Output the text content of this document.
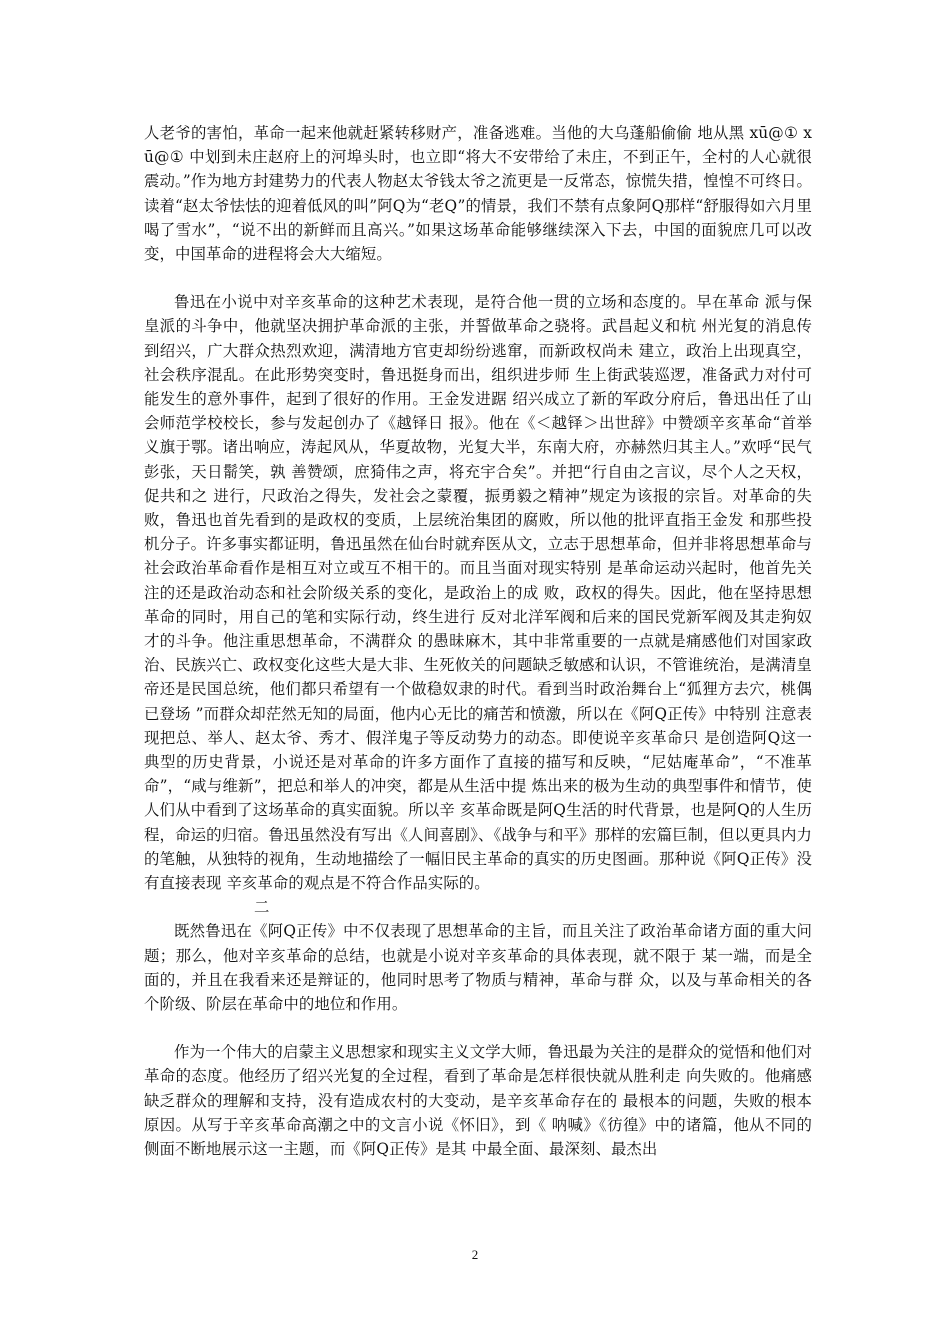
人老爷的害怕，革命一起来他就赶紧转移财产，准备逃难。当他的大乌蓬船偷偷 地从黑 xū@① x ū@① 中划到未庄赵府上的河埠头时，也立即“将大不安带给了未庄，不到正午，全村的人心就很震动。”作为地方封建势力的代表人物赵太爷钱太爷之流更是一反常态，惊慌失措，惶惶不可终日。读着“赵太爷怯怯的迎着低风的叫”阿Q为“老Q”的情景，我们不禁有点象阿Q那样“舒服得如六月里喝了雪水”，“说不出的新鲜而且高兴。”如果这场革命能够继续深入下去，中国的面貌庶几可以改变，中国革命的进程将会大大缩短。

鲁迅在小说中对辛亥革命的这种艺术表现，是符合他一贯的立场和态度的。早在革命 派与保皇派的斗争中，他就坚决拥护革命派的主张，并誓做革命之骁将。武昌起义和杭 州光复的消息传到绍兴，广大群众热烈欢迎，满清地方官吏却纷纷逃窜，而新政权尚未 建立，政治上出现真空，社会秩序混乱。在此形势突变时，鲁迅挺身而出，组织进步师 生上街武装巡逻，准备武力对付可能发生的意外事件，起到了很好的作用。王金发进踞 绍兴成立了新的军政分府后，鲁迅出任了山会师范学校校长，参与发起创办了《越铎日 报》。他在《＜越铎＞出世辞》中赞颂辛亥革命“首举义旗于鄂。诸出响应，涛起风从，华夏故物，光复大半，东南大府，亦赫然归其主人。”欢呼“民气彭张，天日鬋笑，孰 善赞颂，庶猗伟之声，将充宇合矣”。并把“行自由之言议，尽个人之天权，促共和之 进行，尺政治之得失，发社会之蒙覆，振勇毅之精神”规定为该报的宗旨。对革命的失 败，鲁迅也首先看到的是政权的变质，上层统治集团的腐败，所以他的批评直指王金发 和那些投机分子。许多事实都证明，鲁迅虽然在仙台时就弃医从文，立志于思想革命，但并非将思想革命与社会政治革命看作是相互对立或互不相干的。而且当面对现实特别 是革命运动兴起时，他首先关注的还是政治动态和社会阶级关系的变化，是政治上的成 败，政权的得失。因此，他在坚持思想革命的同时，用自己的笔和实际行动，终生进行 反对北洋军阀和后来的国民党新军阀及其走狗奴才的斗争。他注重思想革命，不满群众 的愚昧麻木，其中非常重要的一点就是痛感他们对国家政治、民族兴亡、政权变化这些大是大非、生死攸关的问题缺乏敏感和认识，不管谁统治，是满清皇帝还是民国总统，他们都只希望有一个做稳奴隶的时代。看到当时政治舞台上“狐狸方去穴，桃偶已登场 ”而群众却茫然无知的局面，他内心无比的痛苦和愤激，所以在《阿Q正传》中特别 注意表现把总、举人、赵太爷、秀才、假洋鬼子等反动势力的动态。即使说辛亥革命只 是创造阿Q这一典型的历史背景，小说还是对革命的许多方面作了直接的描写和反映，“尼姑庵革命”，“不准革命”，“咸与维新”，把总和举人的冲突，都是从生活中提 炼出来的极为生动的典型事件和情节，使人们从中看到了这场革命的真实面貌。所以辛 亥革命既是阿Q生活的时代背景，也是阿Q的人生历程，命运的归宿。鲁迅虽然没有写出《人间喜剧》、《战争与和平》那样的宏篇巨制，但以更具内力的笔触，从独特的视角，生动地描绘了一幅旧民主革命的真实的历史图画。那种说《阿Q正传》没有直接表现 辛亥革命的观点是不符合作品实际的。

二

既然鲁迅在《阿Q正传》中不仅表现了思想革命的主旨，而且关注了政治革命诸方面的重大问题；那么，他对辛亥革命的总结，也就是小说对辛亥革命的具体表现，就不限于 某一端，而是全面的，并且在我看来还是辩证的，他同时思考了物质与精神，革命与群 众，以及与革命相关的各个阶级、阶层在革命中的地位和作用。

作为一个伟大的启蒙主义思想家和现实主义文学大师，鲁迅最为关注的是群众的觉悟和他们对革命的态度。他经历了绍兴光复的全过程，看到了革命是怎样很快就从胜利走 向失败的。他痛感缺乏群众的理解和支持，没有造成农村的大变动，是辛亥革命存在的 最根本的问题，失败的根本原因。从写于辛亥革命高潮之中的文言小说《怀旧》，到《 呐喊》《彷徨》中的诸篇，他从不同的侧面不断地展示这一主题，而《阿Q正传》是其 中最全面、最深刻、最杰出

2
